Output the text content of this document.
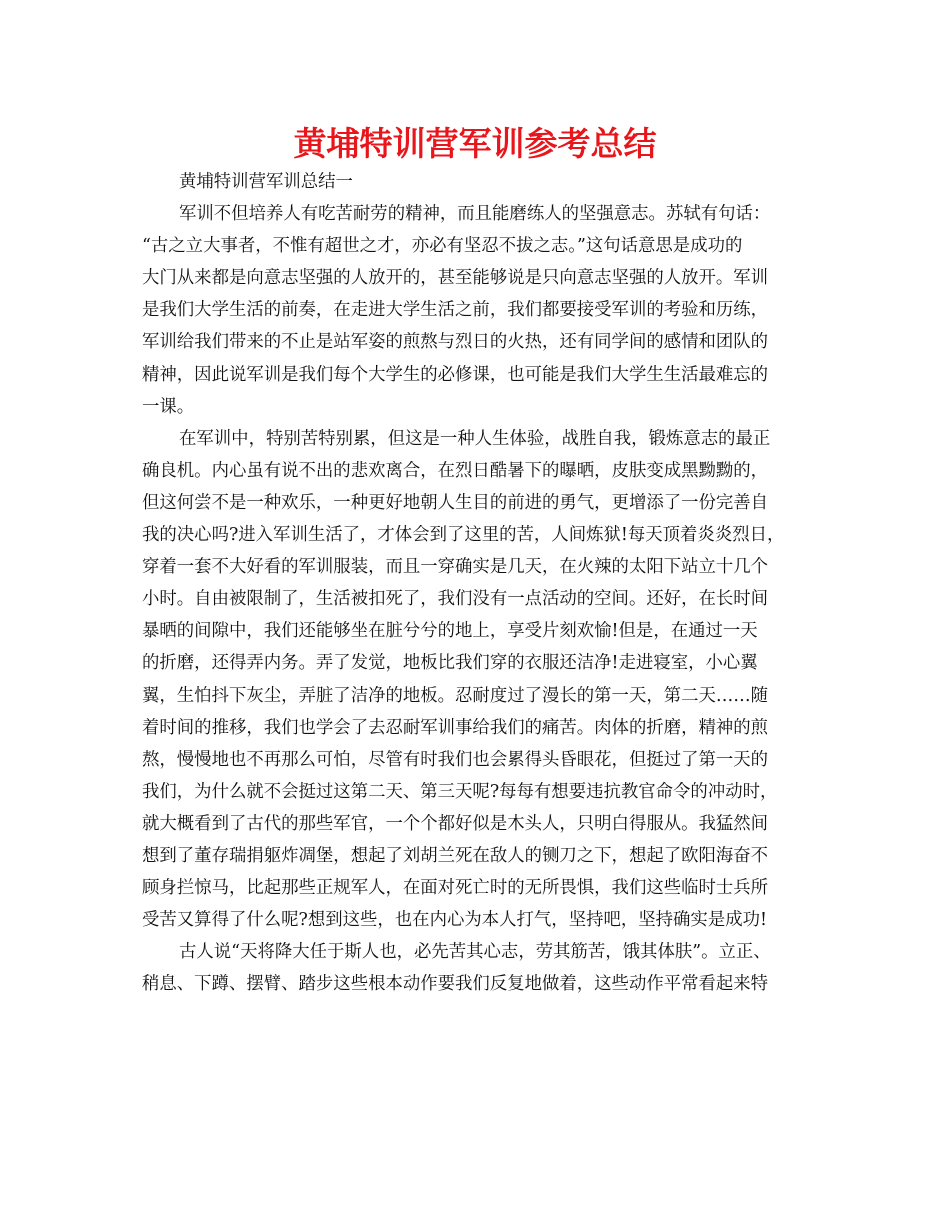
黄埔特训营军训参考总结
黄埔特训营军训总结一
军训不但培养人有吃苦耐劳的精神，而且能磨练人的坚强意志。苏轼有句话：
“古之立大事者，不惟有超世之才，亦必有坚忍不拔之志。”这句话意思是成功的
大门从来都是向意志坚强的人放开的，甚至能够说是只向意志坚强的人放开。军训
是我们大学生活的前奏，在走进大学生活之前，我们都要接受军训的考验和历练，
军训给我们带来的不止是站军姿的煎熬与烈日的火热，还有同学间的感情和团队的
精神，因此说军训是我们每个大学生的必修课，也可能是我们大学生生活最难忘的
一课。
在军训中，特别苦特别累，但这是一种人生体验，战胜自我，锻炼意志的最正
确良机。内心虽有说不出的悲欢离合，在烈日酷暑下的曝晒，皮肤变成黑黝黝的，
但这何尝不是一种欢乐，一种更好地朝人生目的前进的勇气，更增添了一份完善自
我的决心吗?进入军训生活了，才体会到了这里的苦，人间炼狱!每天顶着炎炎烈日，
穿着一套不大好看的军训服装，而且一穿确实是几天，在火辣的太阳下站立十几个
小时。自由被限制了，生活被扣死了，我们没有一点活动的空间。还好，在长时间
暴晒的间隙中，我们还能够坐在脏兮兮的地上，享受片刻欢愉!但是，在通过一天
的折磨，还得弄内务。弄了发觉，地板比我们穿的衣服还洁净!走进寝室，小心翼
翼，生怕抖下灰尘，弄脏了洁净的地板。忍耐度过了漫长的第一天，第二天……随
着时间的推移，我们也学会了去忍耐军训事给我们的痛苦。肉体的折磨，精神的煎
熬，慢慢地也不再那么可怕，尽管有时我们也会累得头昏眼花，但挺过了第一天的
我们，为什么就不会挺过这第二天、第三天呢?每每有想要违抗教官命令的冲动时，
就大概看到了古代的那些军官，一个个都好似是木头人，只明白得服从。我猛然间
想到了董存瑞捐躯炸凋堡，想起了刘胡兰死在敌人的铡刀之下，想起了欧阳海奋不
顾身拦惊马，比起那些正规军人，在面对死亡时的无所畏惧，我们这些临时士兵所
受苦又算得了什么呢?想到这些，也在内心为本人打气，坚持吧，坚持确实是成功!
古人说“天将降大任于斯人也，必先苦其心志，劳其筋苦，饿其体肤”。立正、
稍息、下蹲、摆臂、踏步这些根本动作要我们反复地做着，这些动作平常看起来特
